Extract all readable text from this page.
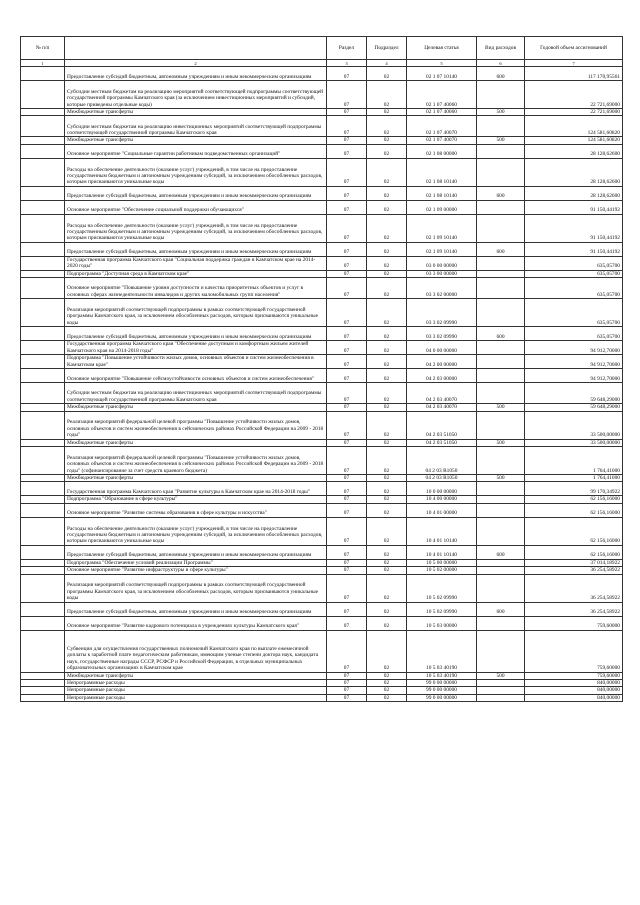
№ п/п		Раздел	Подраздел	Целевая статья	Вид расходов	Годовой объем ассигнований
1	2	3	4	5	6	7
	Предоставление субсидий бюджетным, автономным учреждениям и иным некоммерческим организациям	07	02	02 1 07 10140	600	117 170,95561
	Субсидии местным бюджетам на реализацию мероприятий соответствующей подпрограммы соответствующей государственной программы Камчатского края (за исключением инвестиционных мероприятий и субсидий, которые приведены отдельные коды)	07	02	02 1 07 40060		22 721,69000
	Межбюджетные трансферты	07	02	02 1 07 40060	500	22 721,69000
	Субсидии местным бюджетам на реализацию инвестиционных мероприятий соответствующей подпрограммы соответствующей государственной программы Камчатского края	07	02	02 1 07 40070		124 581,60820
	Межбюджетные трансферты	07	02	02 1 07 40070	500	124 581,60820
	Основное мероприятие "Социальные гарантии работникам подведомственных организаций"	07	02	02 1 08 00000		28 128,62600
	Расходы на обеспечение деятельности (оказание услуг) учреждений, в том числе на предоставление государственным бюджетным и автономным учреждениям субсидий, за исключением обособленных расходов, которым присваиваются уникальные коды	07	02	02 1 08 10140		28 128,62600
	Предоставление субсидий бюджетным, автономным учреждениям и иным некоммерческим организациям	07	02	02 1 08 10140	600	28 128,62600
	Основное мероприятие "Обеспечение социальной поддержки обучающихся"	07	02	02 1 09 00000		91 150,44192
	Расходы на обеспечение деятельности (оказание услуг) учреждений, в том числе на предоставление государственным бюджетным и автономным учреждениям субсидий, за исключением обособленных расходов, которым присваиваются уникальные коды	07	02	02 1 09 10140		91 150,44192
	Предоставление субсидий бюджетным, автономным учреждениям и иным некоммерческим организациям	07	02	02 1 09 10140	600	91 150,44192
	Государственная программа Камчатского края "Социальная поддержка граждан в Камчатском крае на 2014-2020 годы"	07	02	03 0 00 00000		635,05700
	Подпрограмма "Доступная среда в Камчатском крае"	07	02	03 3 00 00000		635,05700
	Основное мероприятие "Повышение уровня доступности и качества приоритетных объектов и услуг в основных сферах жизнедеятельности инвалидов и других маломобильных групп населения"	07	02	03 3 02 00000		635,05700
	Реализация мероприятий соответствующей подпрограммы в рамках соответствующей государственной программы Камчатского края, за исключением обособленных расходов, которым присваиваются уникальные коды	07	02	03 3 02 09990		635,05700
	Предоставление субсидий бюджетным, автономным учреждениям и иным некоммерческим организациям	07	02	03 3 02 09990	600	635,05700
	Государственная программа Камчатского края "Обеспечение доступным и комфортным жильем жителей Камчатского края на 2014-2018 годы"	07	02	04 0 00 00000		94 912,70000
	Подпрограмма "Повышение устойчивости жилых домов, основных объектов и систем жизнеобеспечения в Камчатском крае"	07	02	04 2 00 00000		94 912,70000
	Основное мероприятие "Повышение сейсмоустойчивости основных объектов и систем жизнеобеспечения"	07	02	04 2 03 00000		94 912,70000
	Субсидии местным бюджетам на реализацию инвестиционных мероприятий соответствующей подпрограммы соответствующей государственной программы Камчатского края	07	02	04 2 03 40070		59 648,29000
	Межбюджетные трансферты	07	02	04 2 03 40070	500	59 648,29000
	Реализация мероприятий федеральной целевой программы "Повышение устойчивости жилых домов, основных объектов и систем жизнеобеспечения в сейсмических районах Российской Федерации на 2009 - 2018 годы"	07	02	04 2 03 51050		33 500,00000
	Межбюджетные трансферты	07	02	04 2 03 51050	500	33 500,00000
	Реализация мероприятий федеральной целевой программы "Повышение устойчивости жилых домов, основных объектов и систем жизнеобеспечения в сейсмических районах Российской Федерации на 2009 - 2018 годы" (софинансирование за счет средств краевого бюджета)	07	02	04 2 03 R1050		1 764,41000
	Межбюджетные трансферты	07	02	04 2 03 R1050	500	1 764,41000
	Государственная программа Камчатского края "Развитие культуры в Камчатском крае на 2014-2018 годы"	07	02	10 0 00 00000		99 170,34922
	Подпрограмма "Образование в сфере культуры"	07	02	10 4 00 00000		62 156,16000
	Основное мероприятие "Развитие системы образования в сфере культуры и искусства"	07	02	10 4 01 00000		62 156,16000
	Расходы на обеспечение деятельности (оказание услуг) учреждений, в том числе на предоставление государственным бюджетным и автономным учреждениям субсидий, за исключением обособленных расходов, которым присваиваются уникальные коды	07	02	10 4 01 10140		62 156,16000
	Предоставление субсидий бюджетным, автономным учреждениям и иным некоммерческим организациям	07	02	10 4 01 10140	600	62 156,16000
	Подпрограмма "Обеспечение условий реализации Программы"	07	02	10 5 00 00000		37 014,18922
	Основное мероприятие "Развитие инфраструктуры в сфере культуры"	07	02	10 5 02 00000		36 254,58922
	Реализация мероприятий соответствующей подпрограммы в рамках соответствующей государственной программы Камчатского края, за исключением обособленных расходов, которым присваиваются уникальные коды	07	02	10 5 02 09990		36 254,58922
	Предоставление субсидий бюджетным, автономным учреждениям и иным некоммерческим организациям	07	02	10 5 02 09990	600	36 254,58922
	Основное мероприятие "Развитие кадрового потенциала в учреждениях культуры Камчатского края"	07	02	10 5 03 00000		759,60000
	Субвенции для осуществления государственных полномочий Камчатского края по выплате ежемесячной доплаты к заработной плате педагогическим работникам, имеющим ученые степени доктора наук, кандидата наук, государственные награды СССР, РСФСР и Российской Федерации, в отдельных муниципальных образовательных организациях в Камчатском крае	07	02	10 5 03 40190		759,60000
	Межбюджетные трансферты	07	02	10 5 03 40190	500	759,60000
	Непрограммные расходы	07	02	99 0 00 00000		840,00000
	Непрограммные расходы	07	02	99 0 00 00000		840,00000
	Непрограммные расходы	07	02	99 0 00 00000		840,00000
